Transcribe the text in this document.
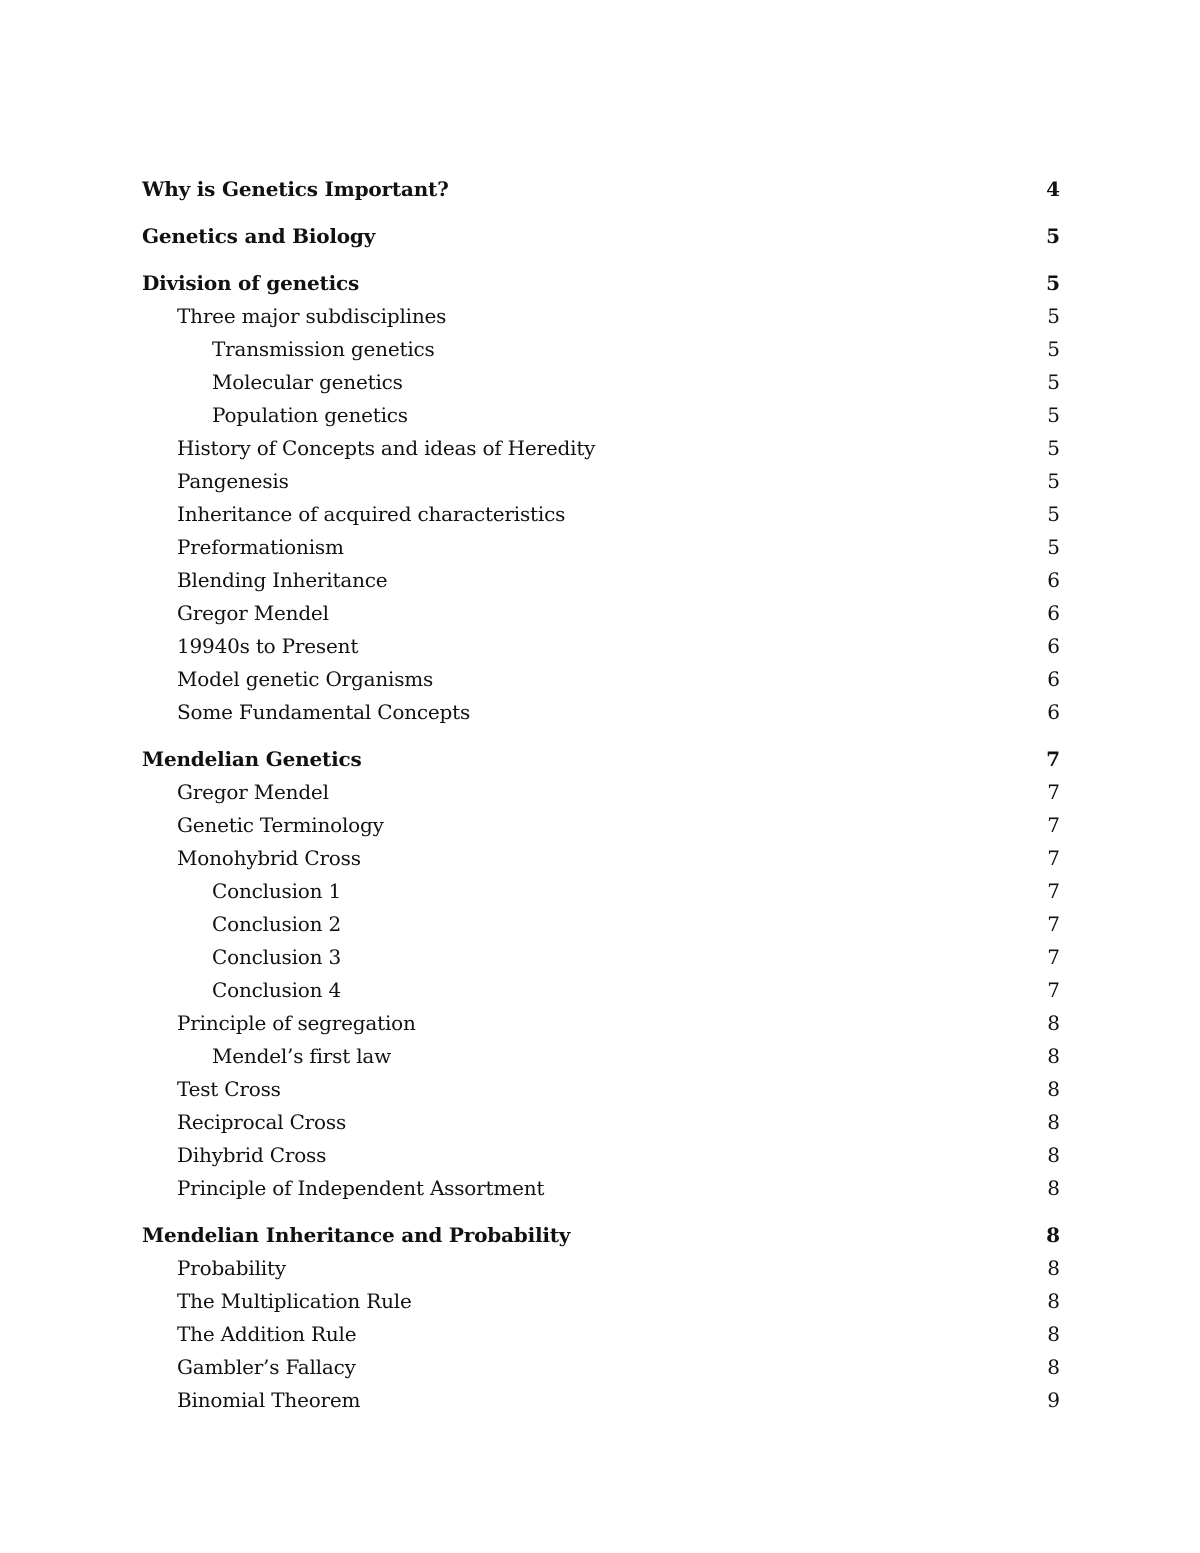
Why is Genetics Important?	4
Genetics and Biology	5
Division of genetics	5
Three major subdisciplines	5
Transmission genetics	5
Molecular genetics	5
Population genetics	5
History of Concepts and ideas of Heredity	5
Pangenesis	5
Inheritance of acquired characteristics	5
Preformationism	5
Blending Inheritance	6
Gregor Mendel	6
19940s to Present	6
Model genetic Organisms	6
Some Fundamental Concepts	6
Mendelian Genetics	7
Gregor Mendel	7
Genetic Terminology	7
Monohybrid Cross	7
Conclusion 1	7
Conclusion 2	7
Conclusion 3	7
Conclusion 4	7
Principle of segregation	8
Mendel’s first law	8
Test Cross	8
Reciprocal Cross	8
Dihybrid Cross	8
Principle of Independent Assortment	8
Mendelian Inheritance and Probability	8
Probability	8
The Multiplication Rule	8
The Addition Rule	8
Gambler’s Fallacy	8
Binomial Theorem	9
